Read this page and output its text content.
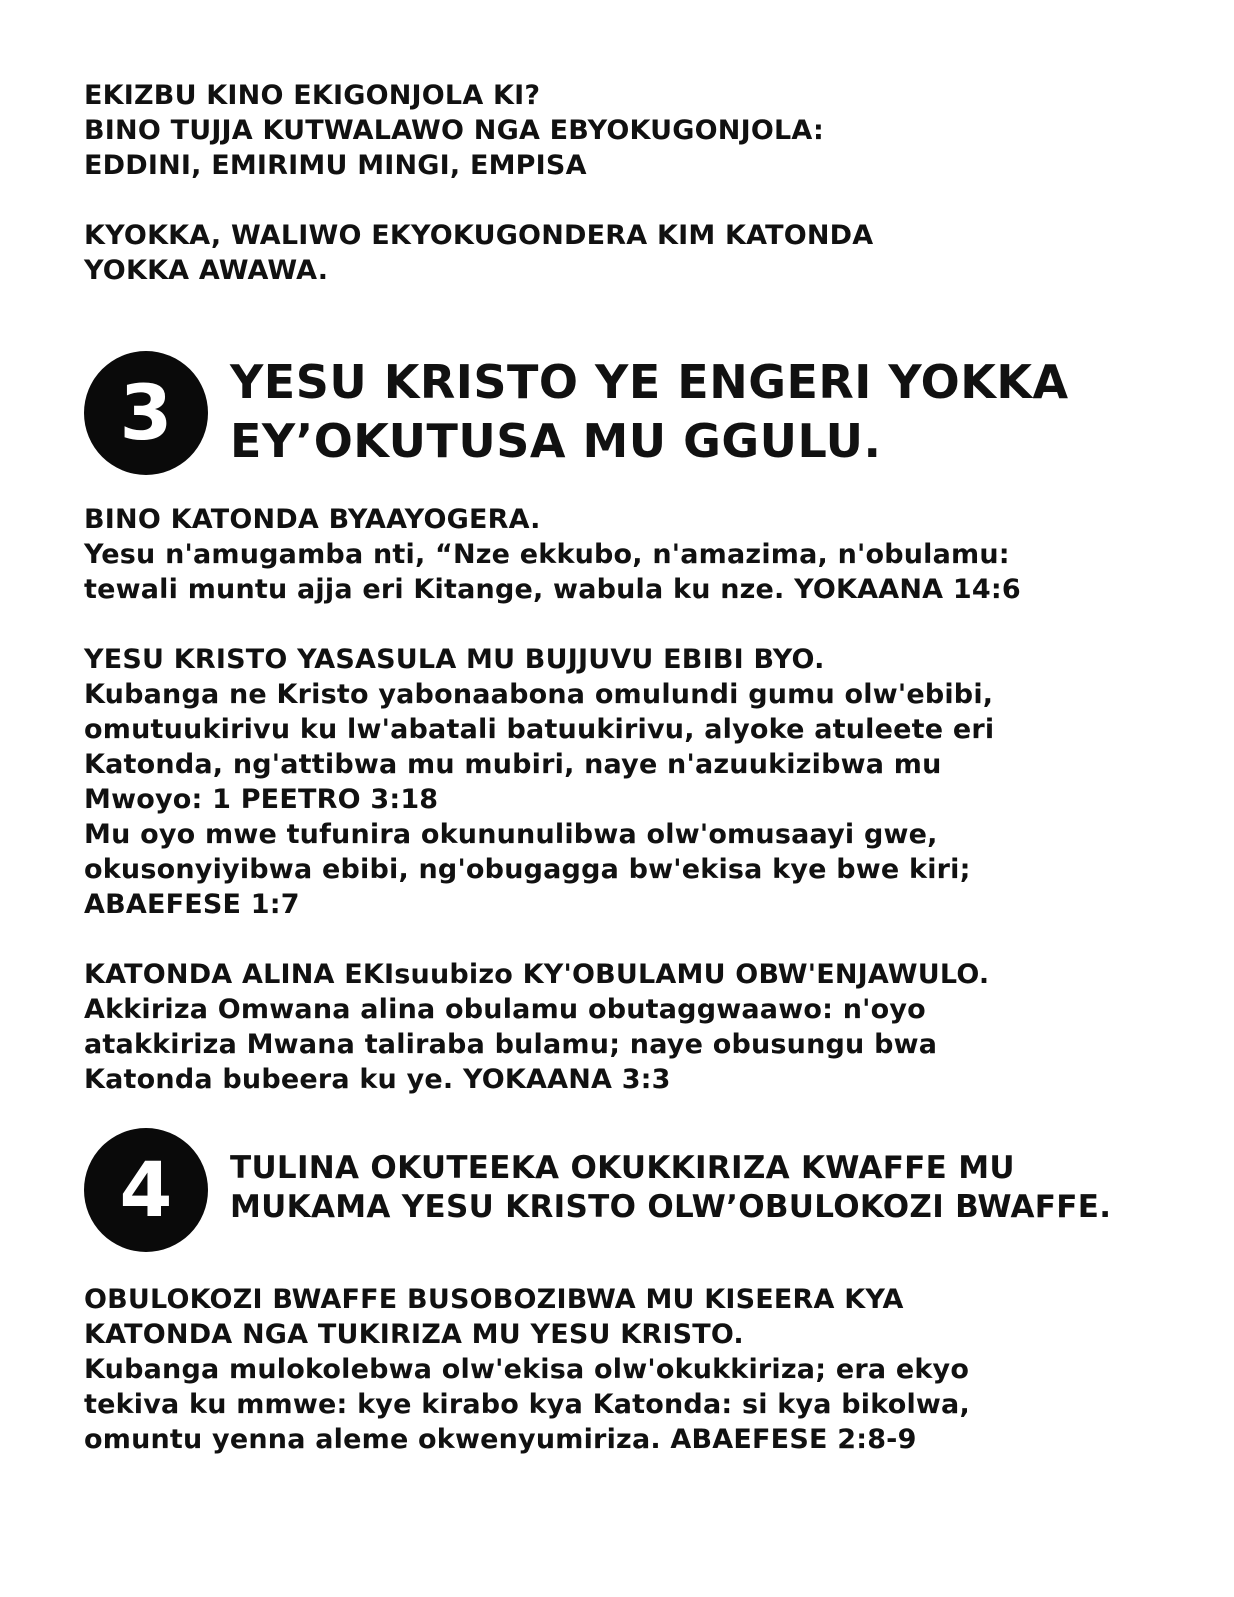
EKIZBU KINO EKIGONJOLA KI?
BINO TUJJA KUTWALAWO NGA EBYOKUGONJOLA:
EDDINI, EMIRIMU MINGI, EMPISA
KYOKKA, WALIWO EKYOKUGONDERA KIM KATONDA
YOKKA AWAWA.
3	YESU KRISTO YE ENGERI YOKKA
EY’OKUTUSA MU GGULU.
BINO KATONDA BYAAYOGERA.
Yesu n'amugamba nti, “Nze ekkubo, n'amazima, n'obulamu:
tewali muntu ajja eri Kitange, wabula ku nze. YOKAANA 14:6
YESU KRISTO YASASULA MU BUJJUVU EBIBI BYO.
Kubanga ne Kristo yabonaabona omulundi gumu olw'ebibi,
omutuukirivu ku lw'abatali batuukirivu, alyoke atuleete eri
Katonda, ng'attibwa mu mubiri, naye n'azuukizibwa mu
Mwoyo: 1 PEETRO 3:18
Mu oyo mwe tufunira okununulibwa olw'omusaayi gwe,
okusonyiyibwa ebibi, ng'obugagga bw'ekisa kye bwe kiri;
ABAEFESE 1:7
KATONDA ALINA EKIsuubizo KY'OBULAMU OBW'ENJAWULO.
Akkiriza Omwana alina obulamu obutaggwaawo: n'oyo
atakkiriza Mwana taliraba bulamu; naye obusungu bwa
Katonda bubeera ku ye. YOKAANA 3:3
4	TULINA OKUTEEKA OKUKKIRIZA KWAFFE MU
MUKAMA YESU KRISTO OLW’OBULOKOZI BWAFFE.
OBULOKOZI BWAFFE BUSOBOZIBWA MU KISEERA KYA
KATONDA NGA TUKIRIZA MU YESU KRISTO.
Kubanga mulokolebwa olw'ekisa olw'okukkiriza; era ekyo
tekiva ku mmwe: kye kirabo kya Katonda: si kya bikolwa,
omuntu yenna aleme okwenyumiriza. ABAEFESE 2:8-9
